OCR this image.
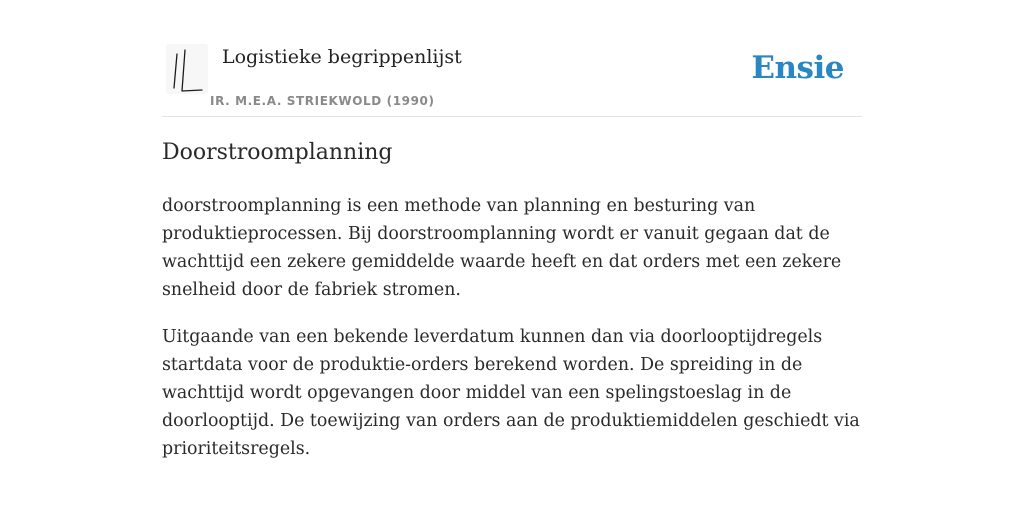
Logistieke begrippenlijst
IR. M.E.A. STRIEKWOLD (1990)
Ensie
Doorstroomplanning

doorstroomplanning is een methode van planning en besturing van produktieprocessen. Bij doorstroomplanning wordt er vanuit gegaan dat de wachttijd een zekere gemiddelde waarde heeft en dat orders met een zekere snelheid door de fabriek stromen.

Uitgaande van een bekende leverdatum kunnen dan via doorlooptijdregels startdata voor de produktie-orders berekend worden. De spreiding in de wachttijd wordt opgevangen door middel van een spelingstoeslag in de doorlooptijd. De toewijzing van orders aan de produktiemiddelen geschiedt via prioriteitsregels.
